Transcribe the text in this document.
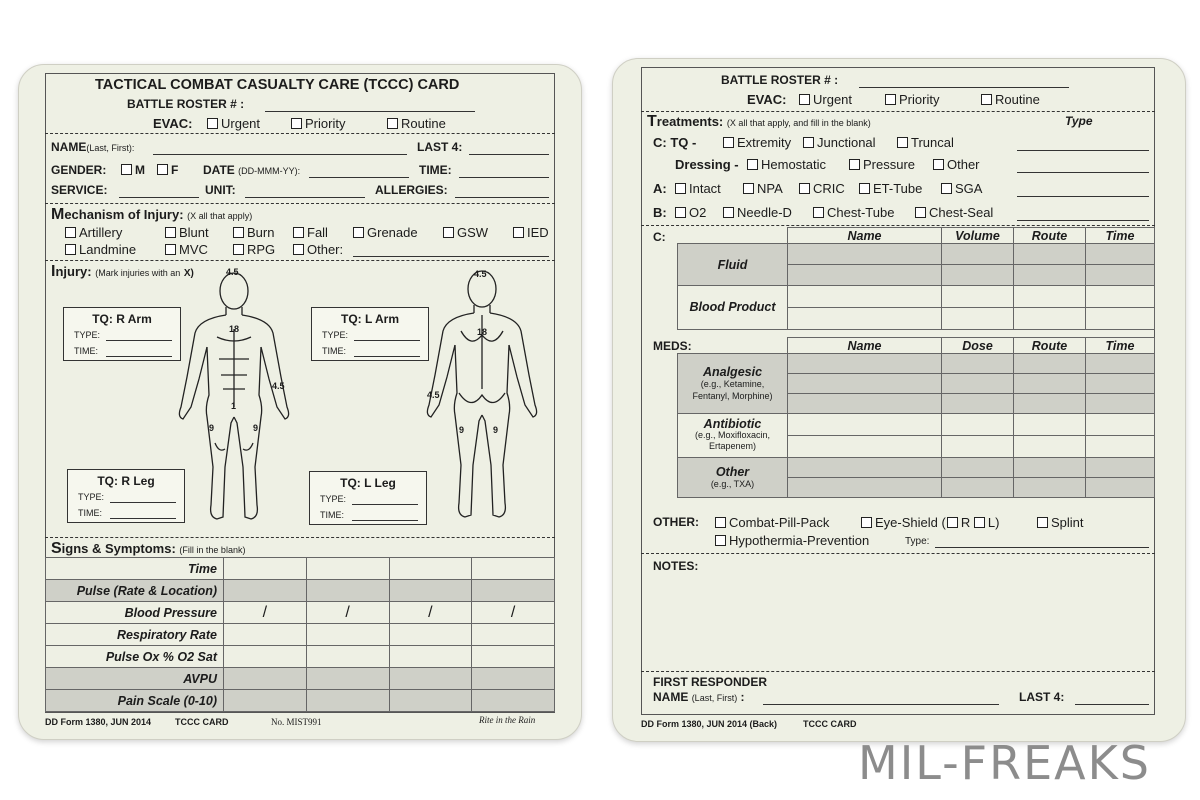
TACTICAL COMBAT CASUALTY CARE (TCCC) CARD
BATTLE ROSTER # :
EVAC:	Urgent	Priority	Routine
NAME(Last, First):	LAST 4:
GENDER:	M	F DATE (DD-MMM-YY):	TIME:
SERVICE:	UNIT:	ALLERGIES:
Mechanism of Injury: (X all that apply)
Artillery	Blunt	Burn	Fall	Grenade	GSW	IED
Landmine	MVC	RPG	Other:
Injury: (Mark injuries with an X)	4.5
18
4.5
1
9	9
4.5
18
4.5
9	9
TQ: R Arm
TYPE:
TIME:
TQ: L Arm
TYPE:
TIME:
TQ: R Leg
TYPE:
TIME:
TQ: L Leg
TYPE:
TIME:
Signs & Symptoms: (Fill in the blank)
Time				
Pulse (Rate & Location)				
Blood Pressure	/	/	/	/
Respiratory Rate				
Pulse Ox % O2 Sat				
AVPU				
Pain Scale (0-10)				
DD Form 1380, JUN 2014	TCCC CARD	No. MIST991	Rite in the Rain
BATTLE ROSTER # :
EVAC:	Urgent	Priority	Routine
Treatments: (X all that apply, and fill in the blank)	Type
C: TQ -	Extremity	Junctional	Truncal
Dressing -	Hemostatic	Pressure	Other
A:	Intact	NPA	CRIC	ET-Tube	SGA
B:	O2	Needle-D	Chest-Tube	Chest-Seal
C:
		Name	Volume	Route	Time
Fluid				

Blood Product				

MEDS:
		Name	Dose	Route	Time

Analgesic
(e.g., Ketamine, Fentanyl, Morphine)				

Antibiotic
(e.g., Moxifloxacin, Ertapenem)				

Other
(e.g., TXA)				

OTHER:	Combat-Pill-Pack	Eye-Shield ( R L)	Splint
Hypothermia-Prevention	Type:
NOTES:
FIRST RESPONDER
NAME (Last, First) :	LAST 4:
DD Form 1380, JUN 2014 (Back)	TCCC CARD
MIL-FREAKS
